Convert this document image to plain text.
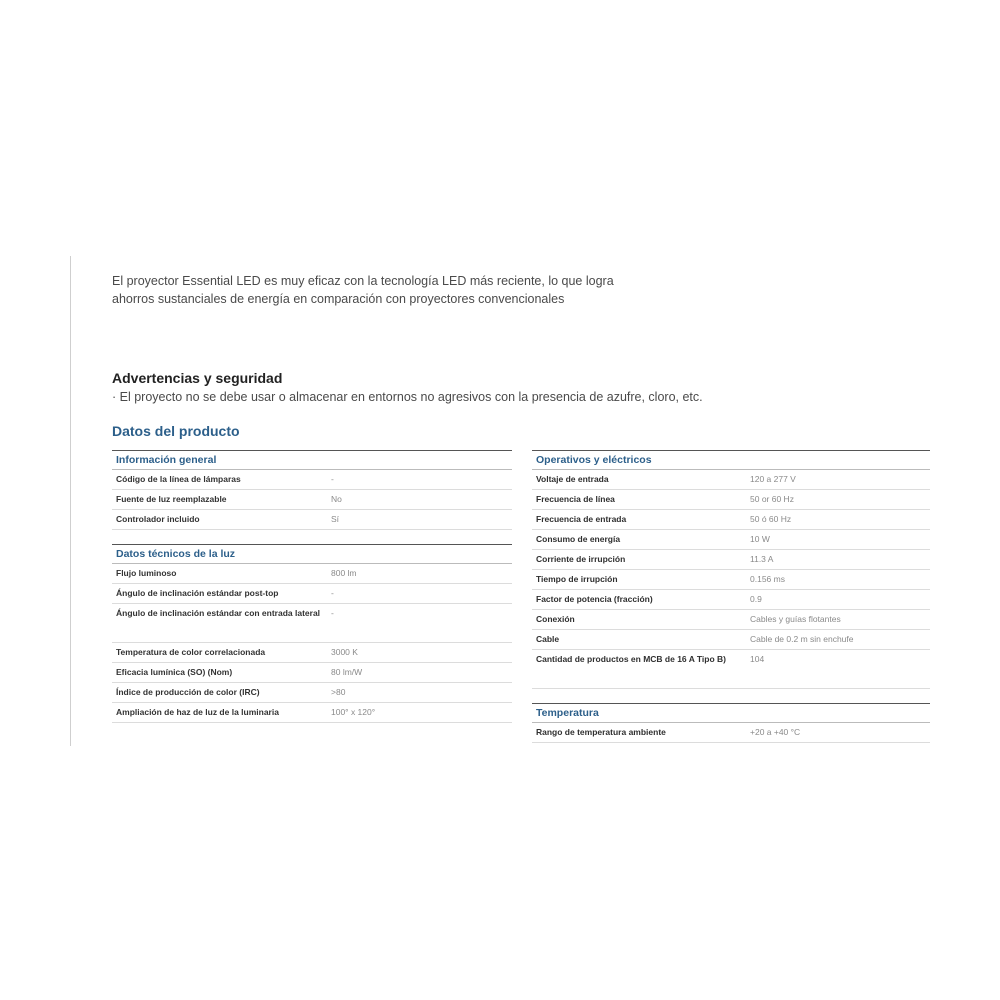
El proyector Essential LED es muy eficaz con la tecnología LED más reciente, lo que logra ahorros sustanciales de energía en comparación con proyectores convencionales

Advertencias y seguridad

· El proyecto no se debe usar o almacenar en entornos no agresivos con la presencia de azufre, cloro, etc.

Datos del producto
Información general
Código de la línea de lámparas	-
Fuente de luz reemplazable	No
Controlador incluido	Sí
Datos técnicos de la luz
Flujo luminoso	800 lm
Ángulo de inclinación estándar post-top	-
Ángulo de inclinación estándar con entrada lateral	-
Temperatura de color correlacionada	3000 K
Eficacia lumínica (SO) (Nom)	80 lm/W
Índice de producción de color (IRC)	>80
Ampliación de haz de luz de la luminaria	100° x 120°
Operativos y eléctricos
Voltaje de entrada	120 a 277 V
Frecuencia de línea	50 or 60 Hz
Frecuencia de entrada	50 ó 60 Hz
Consumo de energía	10 W
Corriente de irrupción	11.3 A
Tiempo de irrupción	0.156 ms
Factor de potencia (fracción)	0.9
Conexión	Cables y guías flotantes
Cable	Cable de 0.2 m sin enchufe
Cantidad de productos en MCB de 16 A Tipo B)	104
Temperatura
Rango de temperatura ambiente	+20 a +40 °C
